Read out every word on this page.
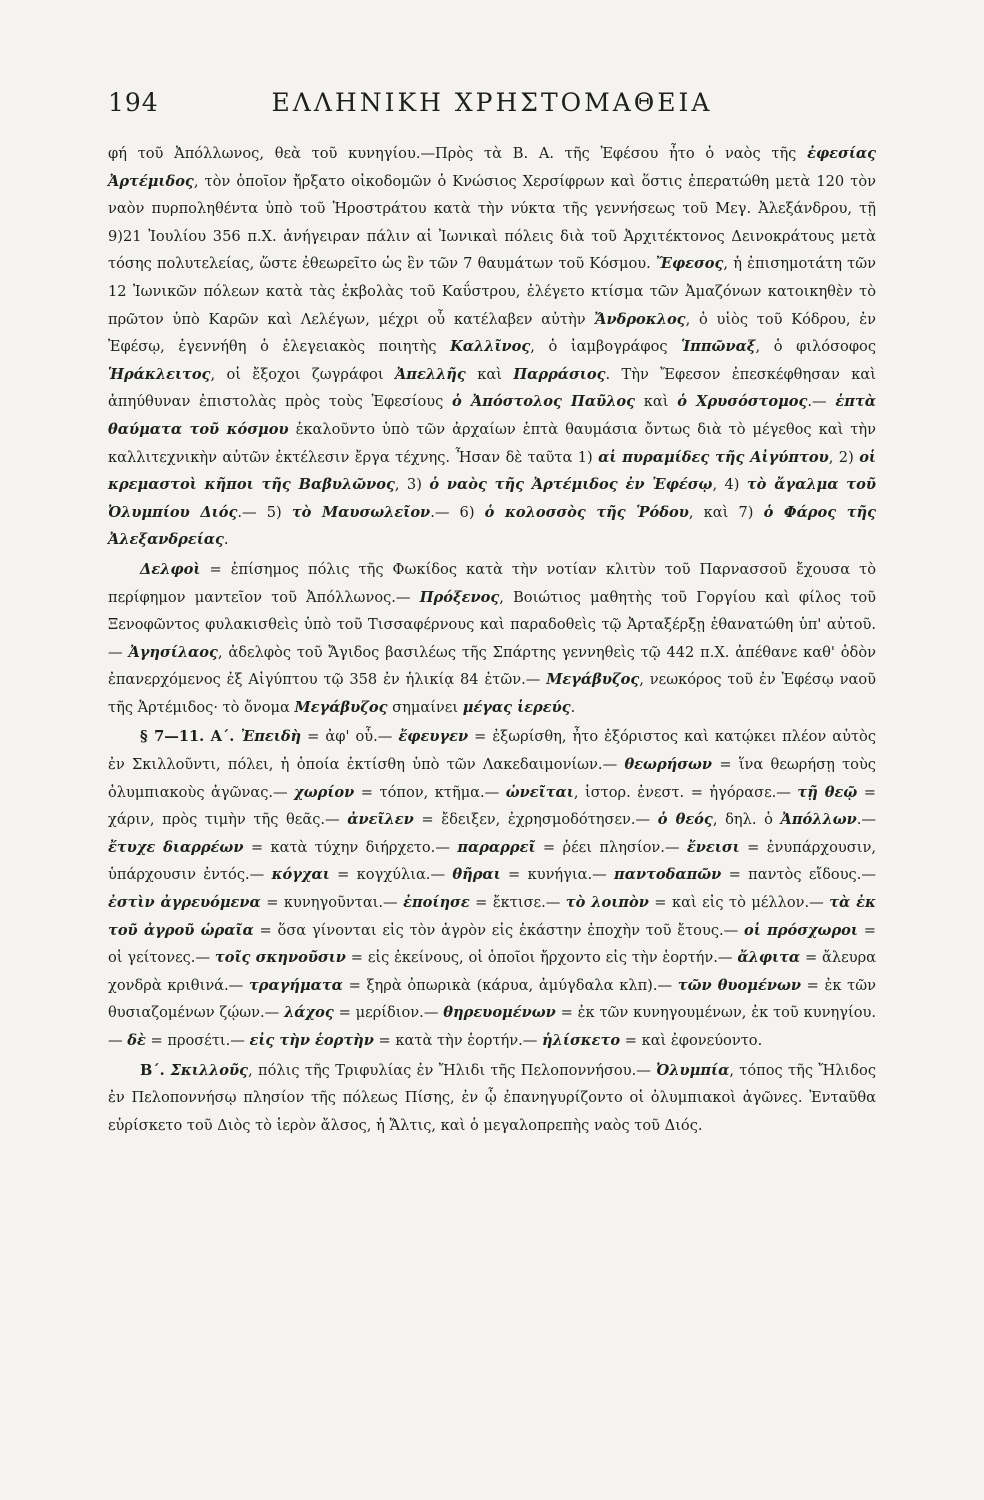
194	ΕΛΛΗΝΙΚΗ ΧΡΗΣΤΟΜΑΘΕΙΑ

φή τοῦ Ἀπόλλωνος, θεὰ τοῦ κυνηγίου.—Πρὸς τὰ Β. Α. τῆς Ἐφέσου ἦτο ὁ ναὸς τῆς ἐφεσίας Ἀρτέμιδος, τὸν ὁποῖον ἤρξατο οἰκοδομῶν ὁ Κνώσιος Χερσίφρων καὶ ὅστις ἐπερατώθη μετὰ 120 τὸν ναὸν πυρποληθέντα ὑπὸ τοῦ Ἡροστράτου κατὰ τὴν νύκτα τῆς γεννήσεως τοῦ Μεγ. Ἀλεξάνδρου, τῇ 9)21 Ἰουλίου 356 π.Χ. ἀνήγειραν πάλιν αἱ Ἰωνικαὶ πόλεις διὰ τοῦ Ἀρχιτέκτονος Δεινοκράτους μετὰ τόσης πολυτελείας, ὥστε ἐθεωρεῖτο ὡς ἓν τῶν 7 θαυμάτων τοῦ Κόσμου. Ἔφεσος, ἡ ἐπισημοτάτη τῶν 12 Ἰωνικῶν πόλεων κατὰ τὰς ἐκβολὰς τοῦ Καΰστρου, ἐλέγετο κτίσμα τῶν Ἀμαζόνων κατοικηθὲν τὸ πρῶτον ὑπὸ Καρῶν καὶ Λελέγων, μέχρι οὗ κατέλαβεν αὐτὴν Ἄνδροκλος, ὁ υἱὸς τοῦ Κόδρου, ἐν Ἐφέσῳ, ἐγεννήθη ὁ ἐλεγειακὸς ποιητὴς Καλλῖνος, ὁ ἰαμβογράφος Ἱππῶναξ, ὁ φιλόσοφος Ἡράκλειτος, οἱ ἔξοχοι ζωγράφοι Ἀπελλῆς καὶ Παρράσιος. Τὴν Ἔφεσον ἐπεσκέφθησαν καὶ ἀπηύθυναν ἐπιστολὰς πρὸς τοὺς Ἐφεσίους ὁ Ἀπόστολος Παῦλος καὶ ὁ Χρυσόστομος.— ἑπτὰ θαύματα τοῦ κόσμου ἐκαλοῦντο ὑπὸ τῶν ἀρχαίων ἑπτὰ θαυμάσια ὄντως διὰ τὸ μέγεθος καὶ τὴν καλλιτεχνικὴν αὐτῶν ἐκτέλεσιν ἔργα τέχνης. Ἦσαν δὲ ταῦτα 1) αἱ πυραμίδες τῆς Αἰγύπτου, 2) οἱ κρεμαστοὶ κῆποι τῆς Βαβυλῶνος, 3) ὁ ναὸς τῆς Ἀρτέμιδος ἐν Ἐφέσῳ, 4) τὸ ἄγαλμα τοῦ Ὀλυμπίου Διός.— 5) τὸ Μαυσωλεῖον.— 6) ὁ κολοσσὸς τῆς Ῥόδου, καὶ 7) ὁ Φάρος τῆς Ἀλεξανδρείας.

Δελφοὶ = ἐπίσημος πόλις τῆς Φωκίδος κατὰ τὴν νοτίαν κλιτὺν τοῦ Παρνασσοῦ ἔχουσα τὸ περίφημον μαντεῖον τοῦ Ἀπόλλωνος.— Πρόξενος, Βοιώτιος μαθητὴς τοῦ Γοργίου καὶ φίλος τοῦ Ξενοφῶντος φυλακισθεὶς ὑπὸ τοῦ Τισσαφέρνους καὶ παραδοθεὶς τῷ Ἀρταξέρξῃ ἐθανατώθη ὑπ' αὐτοῦ.— Ἀγησίλαος, ἀδελφὸς τοῦ Ἄγιδος βασιλέως τῆς Σπάρτης γεννηθεὶς τῷ 442 π.Χ. ἀπέθανε καθ' ὁδὸν ἐπανερχόμενος ἐξ Αἰγύπτου τῷ 358 ἐν ἡλικίᾳ 84 ἐτῶν.— Μεγάβυζος, νεωκόρος τοῦ ἐν Ἐφέσῳ ναοῦ τῆς Ἀρτέμιδος· τὸ ὄνομα Μεγάβυζος σημαίνει μέγας ἱερεύς.

§ 7—11. Α΄. Ἐπειδὴ = ἀφ' οὗ.— ἔφευγεν = ἐξωρίσθη, ἦτο ἐξόριστος καὶ κατῴκει πλέον αὐτὸς ἐν Σκιλλοῦντι, πόλει, ἡ ὁποία ἐκτίσθη ὑπὸ τῶν Λακεδαιμονίων.— θεωρήσων = ἵνα θεωρήσῃ τοὺς ὀλυμπιακοὺς ἀγῶνας.— χωρίον = τόπον, κτῆμα.— ὠνεῖται, ἱστορ. ἐνεστ. = ἠγόρασε.— τῇ θεῷ = χάριν, πρὸς τιμὴν τῆς θεᾶς.— ἀνεῖλεν = ἔδειξεν, ἐχρησμοδότησεν.— ὁ θεός, δηλ. ὁ Ἀπόλλων.— ἔτυχε διαρρέων = κατὰ τύχην διήρχετο.— παραρρεῖ = ῥέει πλησίον.— ἔνεισι = ἐνυπάρχουσιν, ὑπάρχουσιν ἐντός.— κόγχαι = κογχύλια.— θῆραι = κυνήγια.— παντοδαπῶν = παντὸς εἴδους.— ἐστὶν ἀγρευόμενα = κυνηγοῦνται.— ἐποίησε = ἔκτισε.— τὸ λοιπὸν = καὶ εἰς τὸ μέλλον.— τὰ ἐκ τοῦ ἀγροῦ ὡραῖα = ὅσα γίνονται εἰς τὸν ἀγρὸν εἰς ἑκάστην ἐποχὴν τοῦ ἔτους.— οἱ πρόσχωροι = οἱ γείτονες.— τοῖς σκηνοῦσιν = εἰς ἐκείνους, οἱ ὁποῖοι ἤρχοντο εἰς τὴν ἑορτήν.— ἄλφιτα = ἄλευρα χονδρὰ κριθινά.— τραγήματα = ξηρὰ ὀπωρικὰ (κάρυα, ἀμύγδαλα κλπ).— τῶν θυομένων = ἐκ τῶν θυσιαζομένων ζῴων.— λάχος = μερίδιον.— θηρευομένων = ἐκ τῶν κυνηγουμένων, ἐκ τοῦ κυνηγίου.— δὲ = προσέτι.— εἰς τὴν ἑορτὴν = κατὰ τὴν ἑορτήν.— ἡλίσκετο = καὶ ἐφονεύοντο.

Β΄. Σκιλλοῦς, πόλις τῆς Τριφυλίας ἐν Ἤλιδι τῆς Πελοποννήσου.— Ὀλυμπία, τόπος τῆς Ἤλιδος ἐν Πελοποννήσῳ πλησίον τῆς πόλεως Πίσης, ἐν ᾧ ἐπανηγυρίζοντο οἱ ὀλυμπιακοὶ ἀγῶνες. Ἐνταῦθα εὑρίσκετο τοῦ Διὸς τὸ ἱερὸν ἄλσος, ἡ Ἄλτις, καὶ ὁ μεγαλοπρεπὴς ναὸς τοῦ Διός.
